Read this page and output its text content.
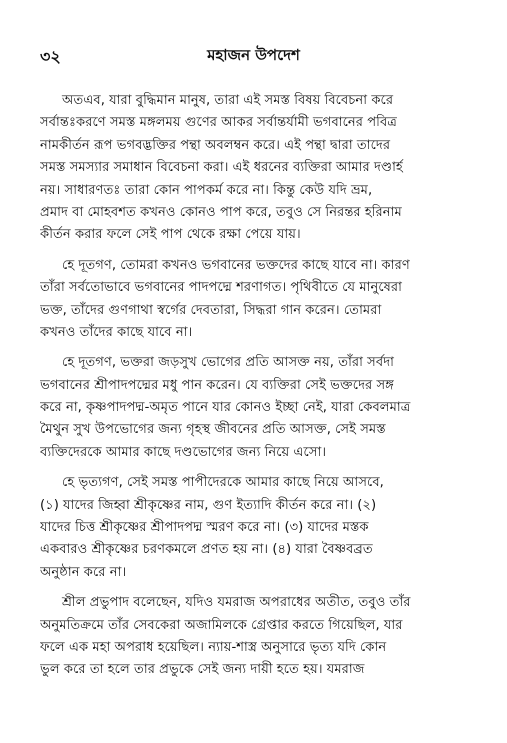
৩২	মহাজন উপদেশ
অতএব, যারা বুদ্ধিমান মানুষ, তারা এই সমস্ত বিষয় বিবেচনা করে
সর্বান্তঃকরণে সমস্ত মঙ্গলময় গুণের আকর সর্বান্তর্যামী ভগবানের পবিত্র
নামকীর্তন রূপ ভগবদ্ভক্তির পন্থা অবলম্বন করে। এই পন্থা দ্বারা তাদের
সমস্ত সমস্যার সমাধান বিবেচনা করা। এই ধরনের ব্যক্তিরা আমার দণ্ডার্হ
নয়। সাধারণতঃ তারা কোন পাপকর্ম করে না। কিন্তু কেউ যদি ভ্রম,
প্রমাদ বা মোহবশত কখনও কোনও পাপ করে, তবুও সে নিরন্তর হরিনাম
কীর্তন করার ফলে সেই পাপ থেকে রক্ষা পেয়ে যায়।
হে দূতগণ, তোমরা কখনও ভগবানের ভক্তদের কাছে যাবে না। কারণ
তাঁরা সর্বতোভাবে ভগবানের পাদপদ্মে শরণাগত। পৃথিবীতে যে মানুষেরা
ভক্ত, তাঁদের গুণগাথা স্বর্গের দেবতারা, সিদ্ধরা গান করেন। তোমরা
কখনও তাঁদের কাছে যাবে না।
হে দূতগণ, ভক্তরা জড়সুখ ভোগের প্রতি আসক্ত নয়, তাঁরা সর্বদা
ভগবানের শ্রীপাদপদ্মের মধু পান করেন। যে ব্যক্তিরা সেই ভক্তদের সঙ্গ
করে না, কৃষ্ণপাদপদ্ম-অমৃত পানে যার কোনও ইচ্ছা নেই, যারা কেবলমাত্র
মৈথুন সুখ উপভোগের জন্য গৃহস্থ জীবনের প্রতি আসক্ত, সেই সমস্ত
ব্যক্তিদেরকে আমার কাছে দণ্ডভোগের জন্য নিয়ে এসো।
হে ভৃত্যগণ, সেই সমস্ত পাপীদেরকে আমার কাছে নিয়ে আসবে,
(১) যাদের জিহ্বা শ্রীকৃষ্ণের নাম, গুণ ইত্যাদি কীর্তন করে না। (২)
যাদের চিত্ত শ্রীকৃষ্ণের শ্রীপাদপদ্ম স্মরণ করে না। (৩) যাদের মস্তক
একবারও শ্রীকৃষ্ণের চরণকমলে প্রণত হয় না। (৪) যারা বৈষ্ণবব্রত
অনুষ্ঠান করে না।
শ্রীল প্রভুপাদ বলেছেন, যদিও যমরাজ অপরাধের অতীত, তবুও তাঁর
অনুমতিক্রমে তাঁর সেবকেরা অজামিলকে গ্রেপ্তার করতে গিয়েছিল, যার
ফলে এক মহা অপরাধ হয়েছিল। ন্যায়-শাস্ত্র অনুসারে ভৃত্য যদি কোন
ভুল করে তা হলে তার প্রভুকে সেই জন্য দায়ী হতে হয়। যমরাজ
